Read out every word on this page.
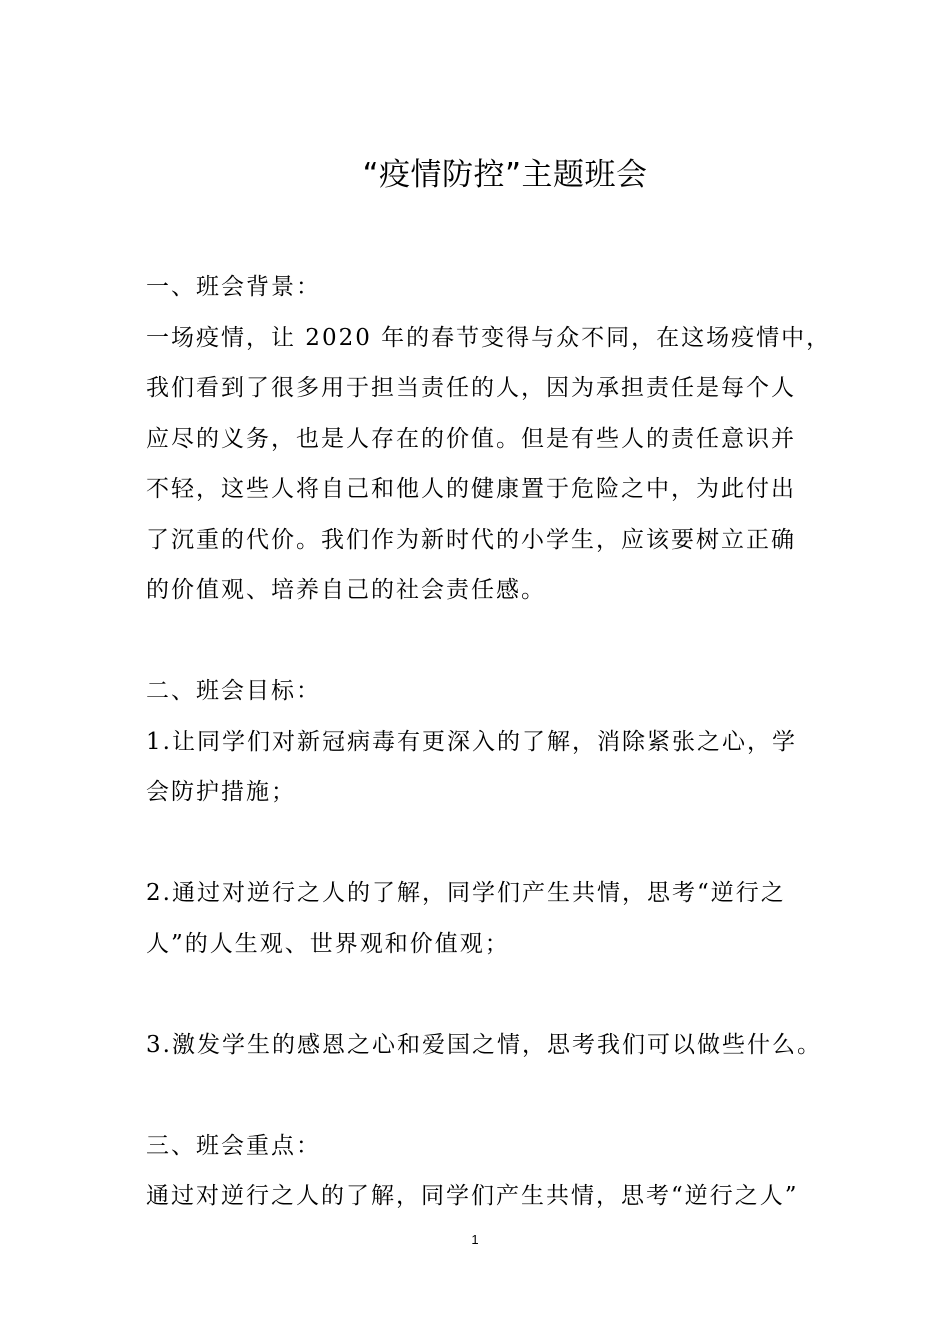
“疫情防控”主题班会
一、班会背景：
一场疫情，让 2020 年的春节变得与众不同，在这场疫情中，
我们看到了很多用于担当责任的人，因为承担责任是每个人
应尽的义务，也是人存在的价值。但是有些人的责任意识并
不轻，这些人将自己和他人的健康置于危险之中，为此付出
了沉重的代价。我们作为新时代的小学生，应该要树立正确
的价值观、培养自己的社会责任感。
二、班会目标：
1.让同学们对新冠病毒有更深入的了解，消除紧张之心，学
会防护措施；
2.通过对逆行之人的了解，同学们产生共情，思考“逆行之
人”的人生观、世界观和价值观；
3.激发学生的感恩之心和爱国之情，思考我们可以做些什么。
三、班会重点：
通过对逆行之人的了解，同学们产生共情，思考“逆行之人”
1
